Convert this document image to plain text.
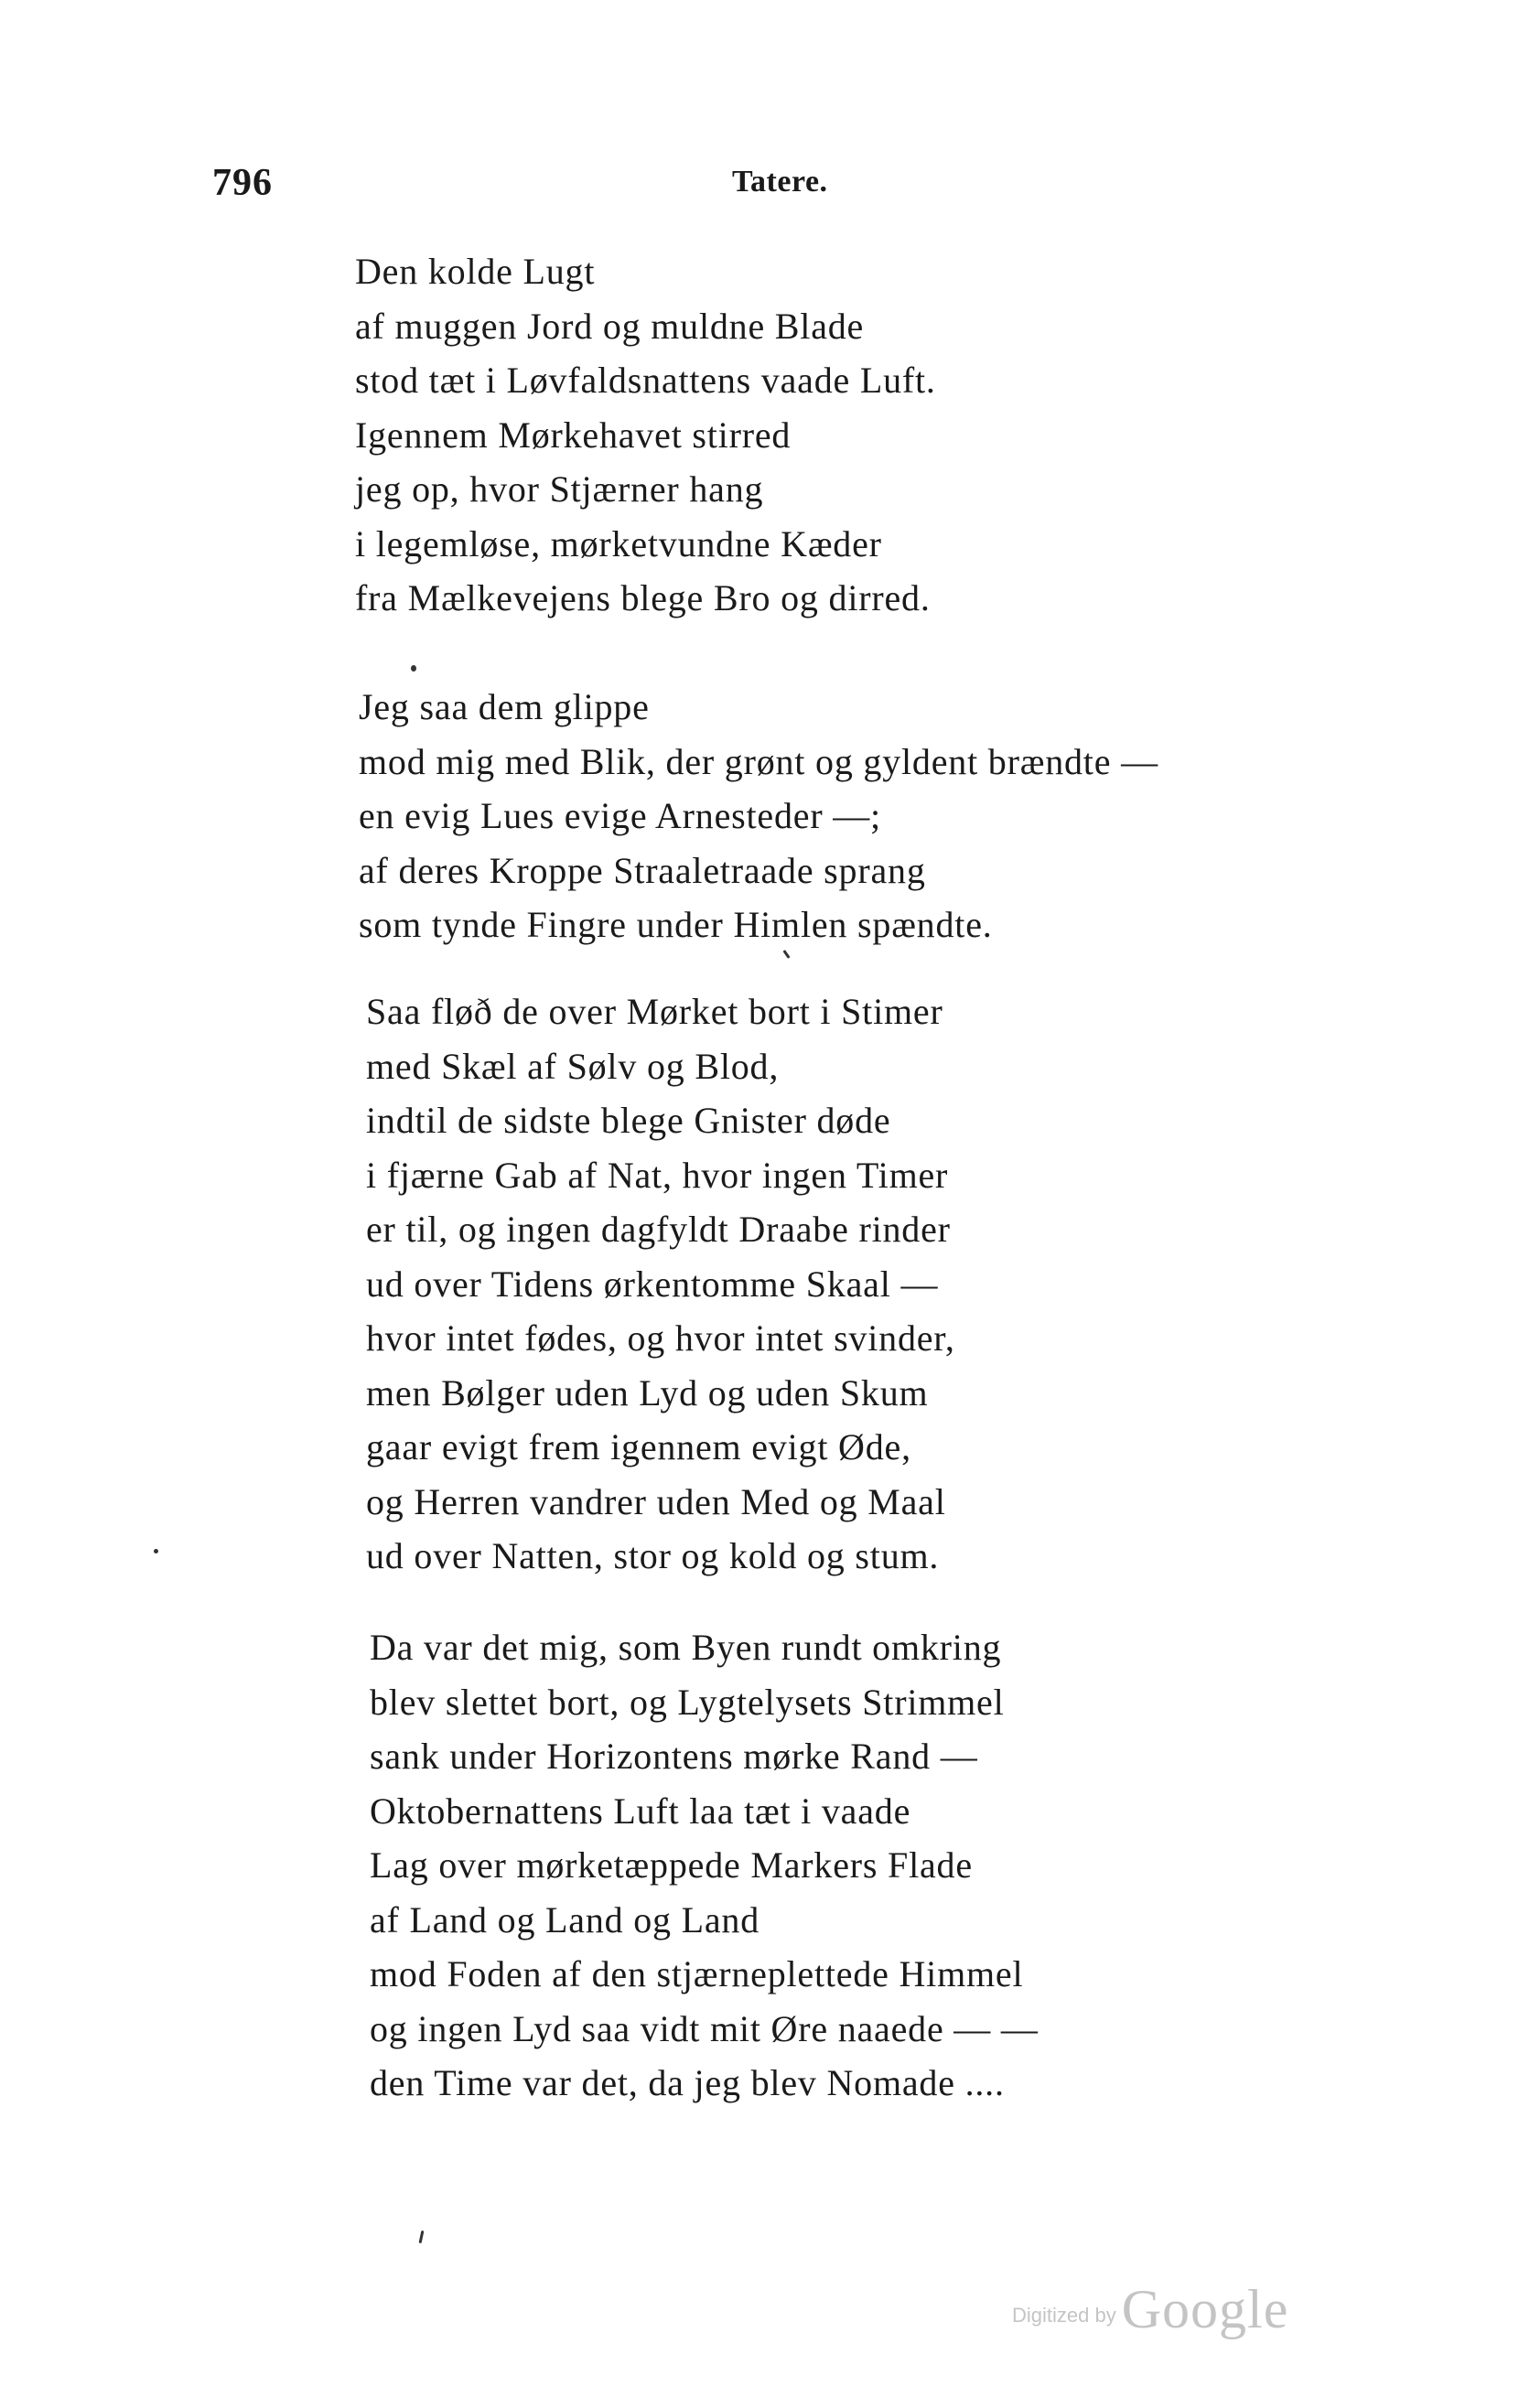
796	Tatere.
Den kolde Lugt
af muggen Jord og muldne Blade
stod tæt i Løvfaldsnattens vaade Luft.
Igennem Mørkehavet stirred
jeg op, hvor Stjærner hang
i legemløse, mørketvundne Kæder
fra Mælkevejens blege Bro og dirred.
Jeg saa dem glippe
mod mig med Blik, der grønt og gyldent brændte —
en evig Lues evige Arnesteder —;
af deres Kroppe Straaletraade sprang
som tynde Fingre under Himlen spændte.
Saa fløð de over Mørket bort i Stimer
med Skæl af Sølv og Blod,
indtil de sidste blege Gnister døde
i fjærne Gab af Nat, hvor ingen Timer
er til, og ingen dagfyldt Draabe rinder
ud over Tidens ørkentomme Skaal —
hvor intet fødes, og hvor intet svinder,
men Bølger uden Lyd og uden Skum
gaar evigt frem igennem evigt Øde,
og Herren vandrer uden Med og Maal
ud over Natten, stor og kold og stum.
Da var det mig, som Byen rundt omkring
blev slettet bort, og Lygtelysets Strimmel
sank under Horizontens mørke Rand —
Oktobernattens Luft laa tæt i vaade
Lag over mørketæppede Markers Flade
af Land og Land og Land
mod Foden af den stjærneplettede Himmel
og ingen Lyd saa vidt mit Øre naaede — —
den Time var det, da jeg blev Nomade ....
Digitized by Google
